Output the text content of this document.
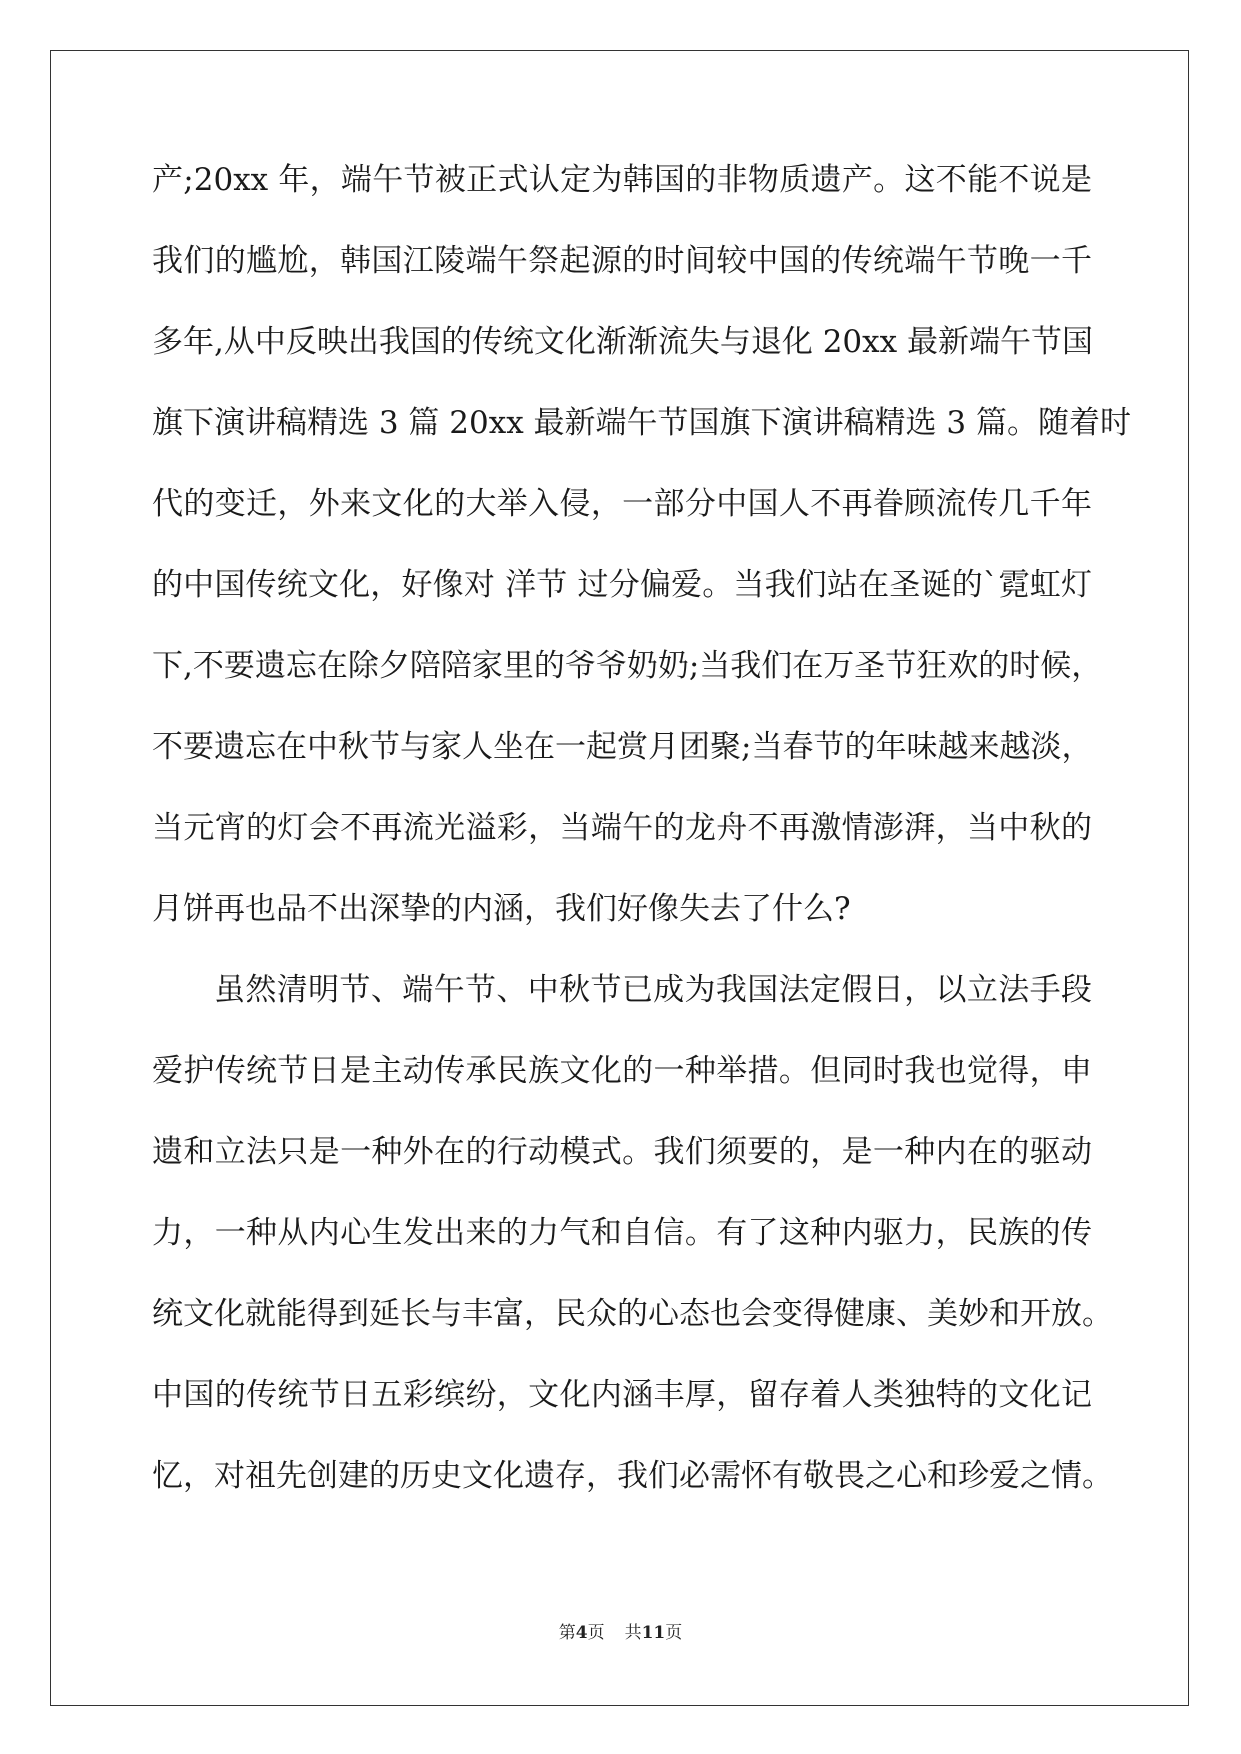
产;20xx 年，端午节被正式认定为韩国的非物质遗产。这不能不说是
我们的尴尬，韩国江陵端午祭起源的时间较中国的传统端午节晚一千
多年,从中反映出我国的传统文化渐渐流失与退化 20xx 最新端午节国
旗下演讲稿精选 3 篇 20xx 最新端午节国旗下演讲稿精选 3 篇。随着时
代的变迁，外来文化的大举入侵，一部分中国人不再眷顾流传几千年
的中国传统文化，好像对 洋节 过分偏爱。当我们站在圣诞的`霓虹灯
下,不要遗忘在除夕陪陪家里的爷爷奶奶;当我们在万圣节狂欢的时候，
不要遗忘在中秋节与家人坐在一起赏月团聚;当春节的年味越来越淡，
当元宵的灯会不再流光溢彩，当端午的龙舟不再激情澎湃，当中秋的
月饼再也品不出深挚的内涵，我们好像失去了什么?
虽然清明节、端午节、中秋节已成为我国法定假日，以立法手段
爱护传统节日是主动传承民族文化的一种举措。但同时我也觉得，申
遗和立法只是一种外在的行动模式。我们须要的，是一种内在的驱动
力，一种从内心生发出来的力气和自信。有了这种内驱力，民族的传
统文化就能得到延长与丰富，民众的心态也会变得健康、美妙和开放。
中国的传统节日五彩缤纷，文化内涵丰厚，留存着人类独特的文化记
忆，对祖先创建的历史文化遗存，我们必需怀有敬畏之心和珍爱之情。
第4页 共11页
